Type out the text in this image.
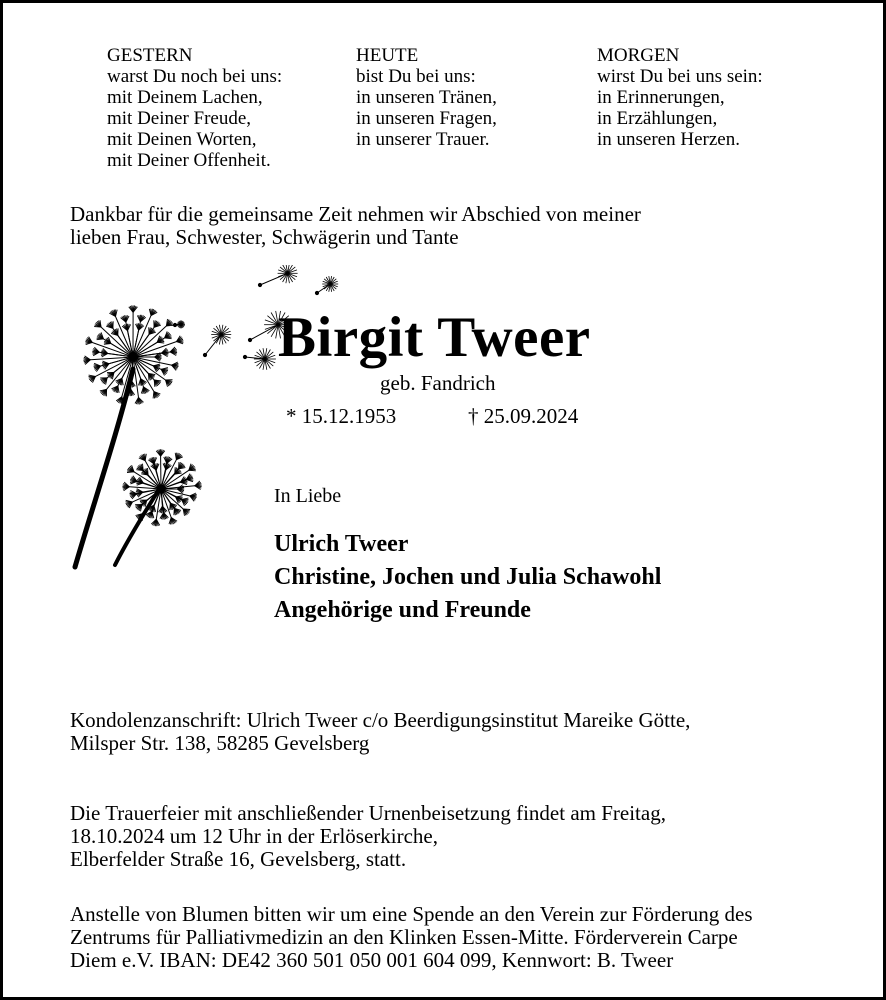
GESTERN
warst Du noch bei uns:
mit Deinem Lachen,
mit Deiner Freude,
mit Deinen Worten,
mit Deiner Offenheit.
HEUTE
bist Du bei uns:
in unseren Tränen,
in unseren Fragen,
in unserer Trauer.
MORGEN
wirst Du bei uns sein:
in Erinnerungen,
in Erzählungen,
in unseren Herzen.
Dankbar für die gemeinsame Zeit nehmen wir Abschied von meiner
lieben Frau, Schwester, Schwägerin und Tante
Birgit Tweer
geb. Fandrich
* 15.12.1953	† 25.09.2024
In Liebe
Ulrich Tweer
Christine, Jochen und Julia Schawohl
Angehörige und Freunde
Kondolenzanschrift: Ulrich Tweer c/o Beerdigungsinstitut Mareike Götte,
Milsper Str. 138, 58285 Gevelsberg
Die Trauerfeier mit anschließender Urnenbeisetzung findet am Freitag,
18.10.2024 um 12 Uhr in der Erlöserkirche,
Elberfelder Straße 16, Gevelsberg, statt.
Anstelle von Blumen bitten wir um eine Spende an den Verein zur Förderung des
Zentrums für Palliativmedizin an den Klinken Essen-Mitte. Förderverein Carpe
Diem e.V. IBAN: DE42 360 501 050 001 604 099, Kennwort: B. Tweer
